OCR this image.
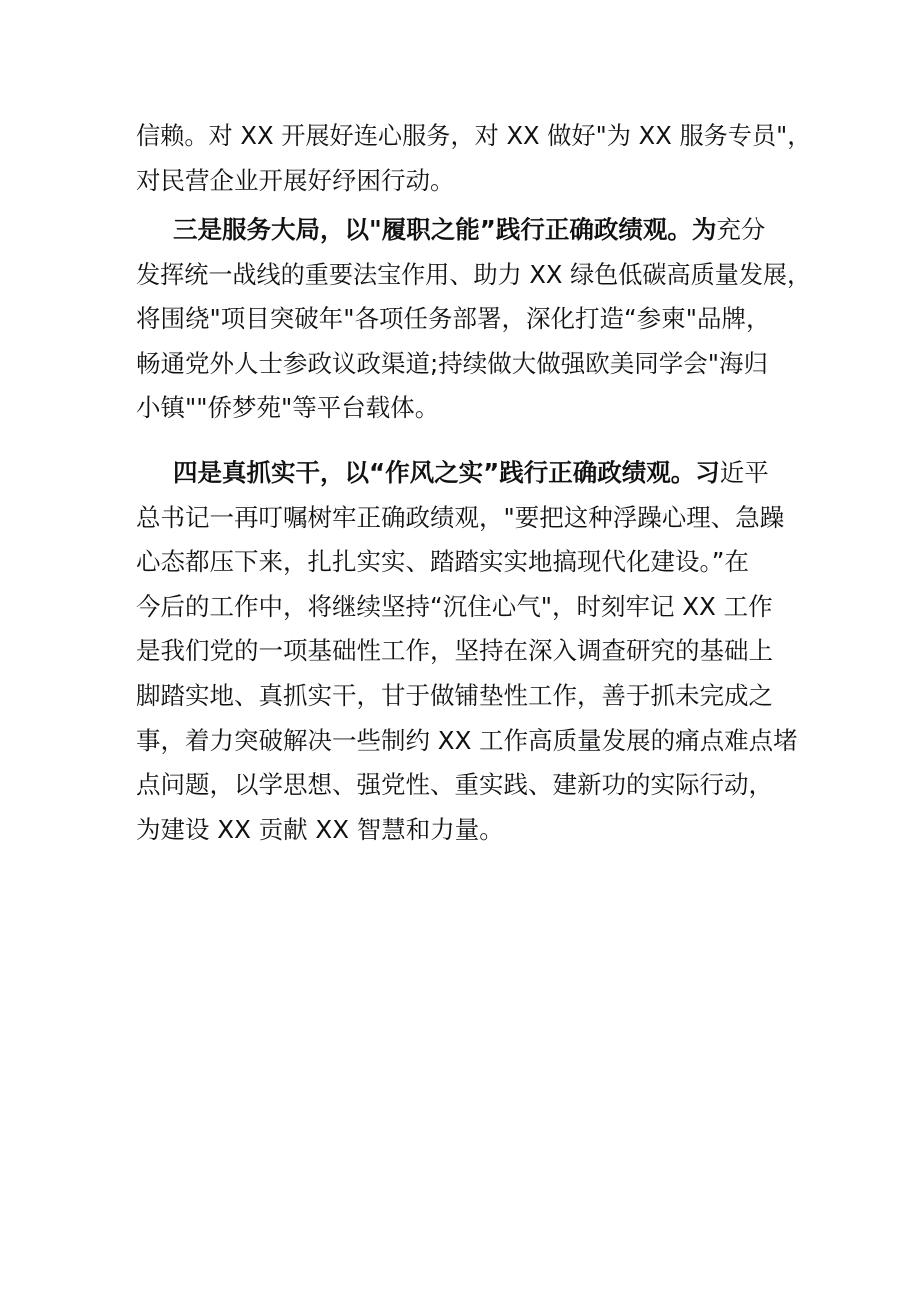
信赖。对 XX 开展好连心服务，对 XX 做好"为 XX 服务专员"，
对民营企业开展好纾困行动。
三是服务大局，以"履职之能”践行正确政绩观。为充分
发挥统一战线的重要法宝作用、助力 XX 绿色低碳高质量发展，
将围绕"项目突破年"各项任务部署，深化打造“参柬"品牌，
畅通党外人士参政议政渠道;持续做大做强欧美同学会"海归
小镇""侨梦苑"等平台载体。
四是真抓实干，以“作风之实”践行正确政绩观。习近平
总书记一再叮嘱树牢正确政绩观，"要把这种浮躁心理、急躁
心态都压下来，扎扎实实、踏踏实实地搞现代化建设。”在
今后的工作中，将继续坚持“沉住心气"，时刻牢记 XX 工作
是我们党的一项基础性工作，坚持在深入调查研究的基础上
脚踏实地、真抓实干，甘于做铺垫性工作，善于抓未完成之
事，着力突破解决一些制约 XX 工作高质量发展的痛点难点堵
点问题，以学思想、强党性、重实践、建新功的实际行动，
为建设 XX 贡献 XX 智慧和力量。
